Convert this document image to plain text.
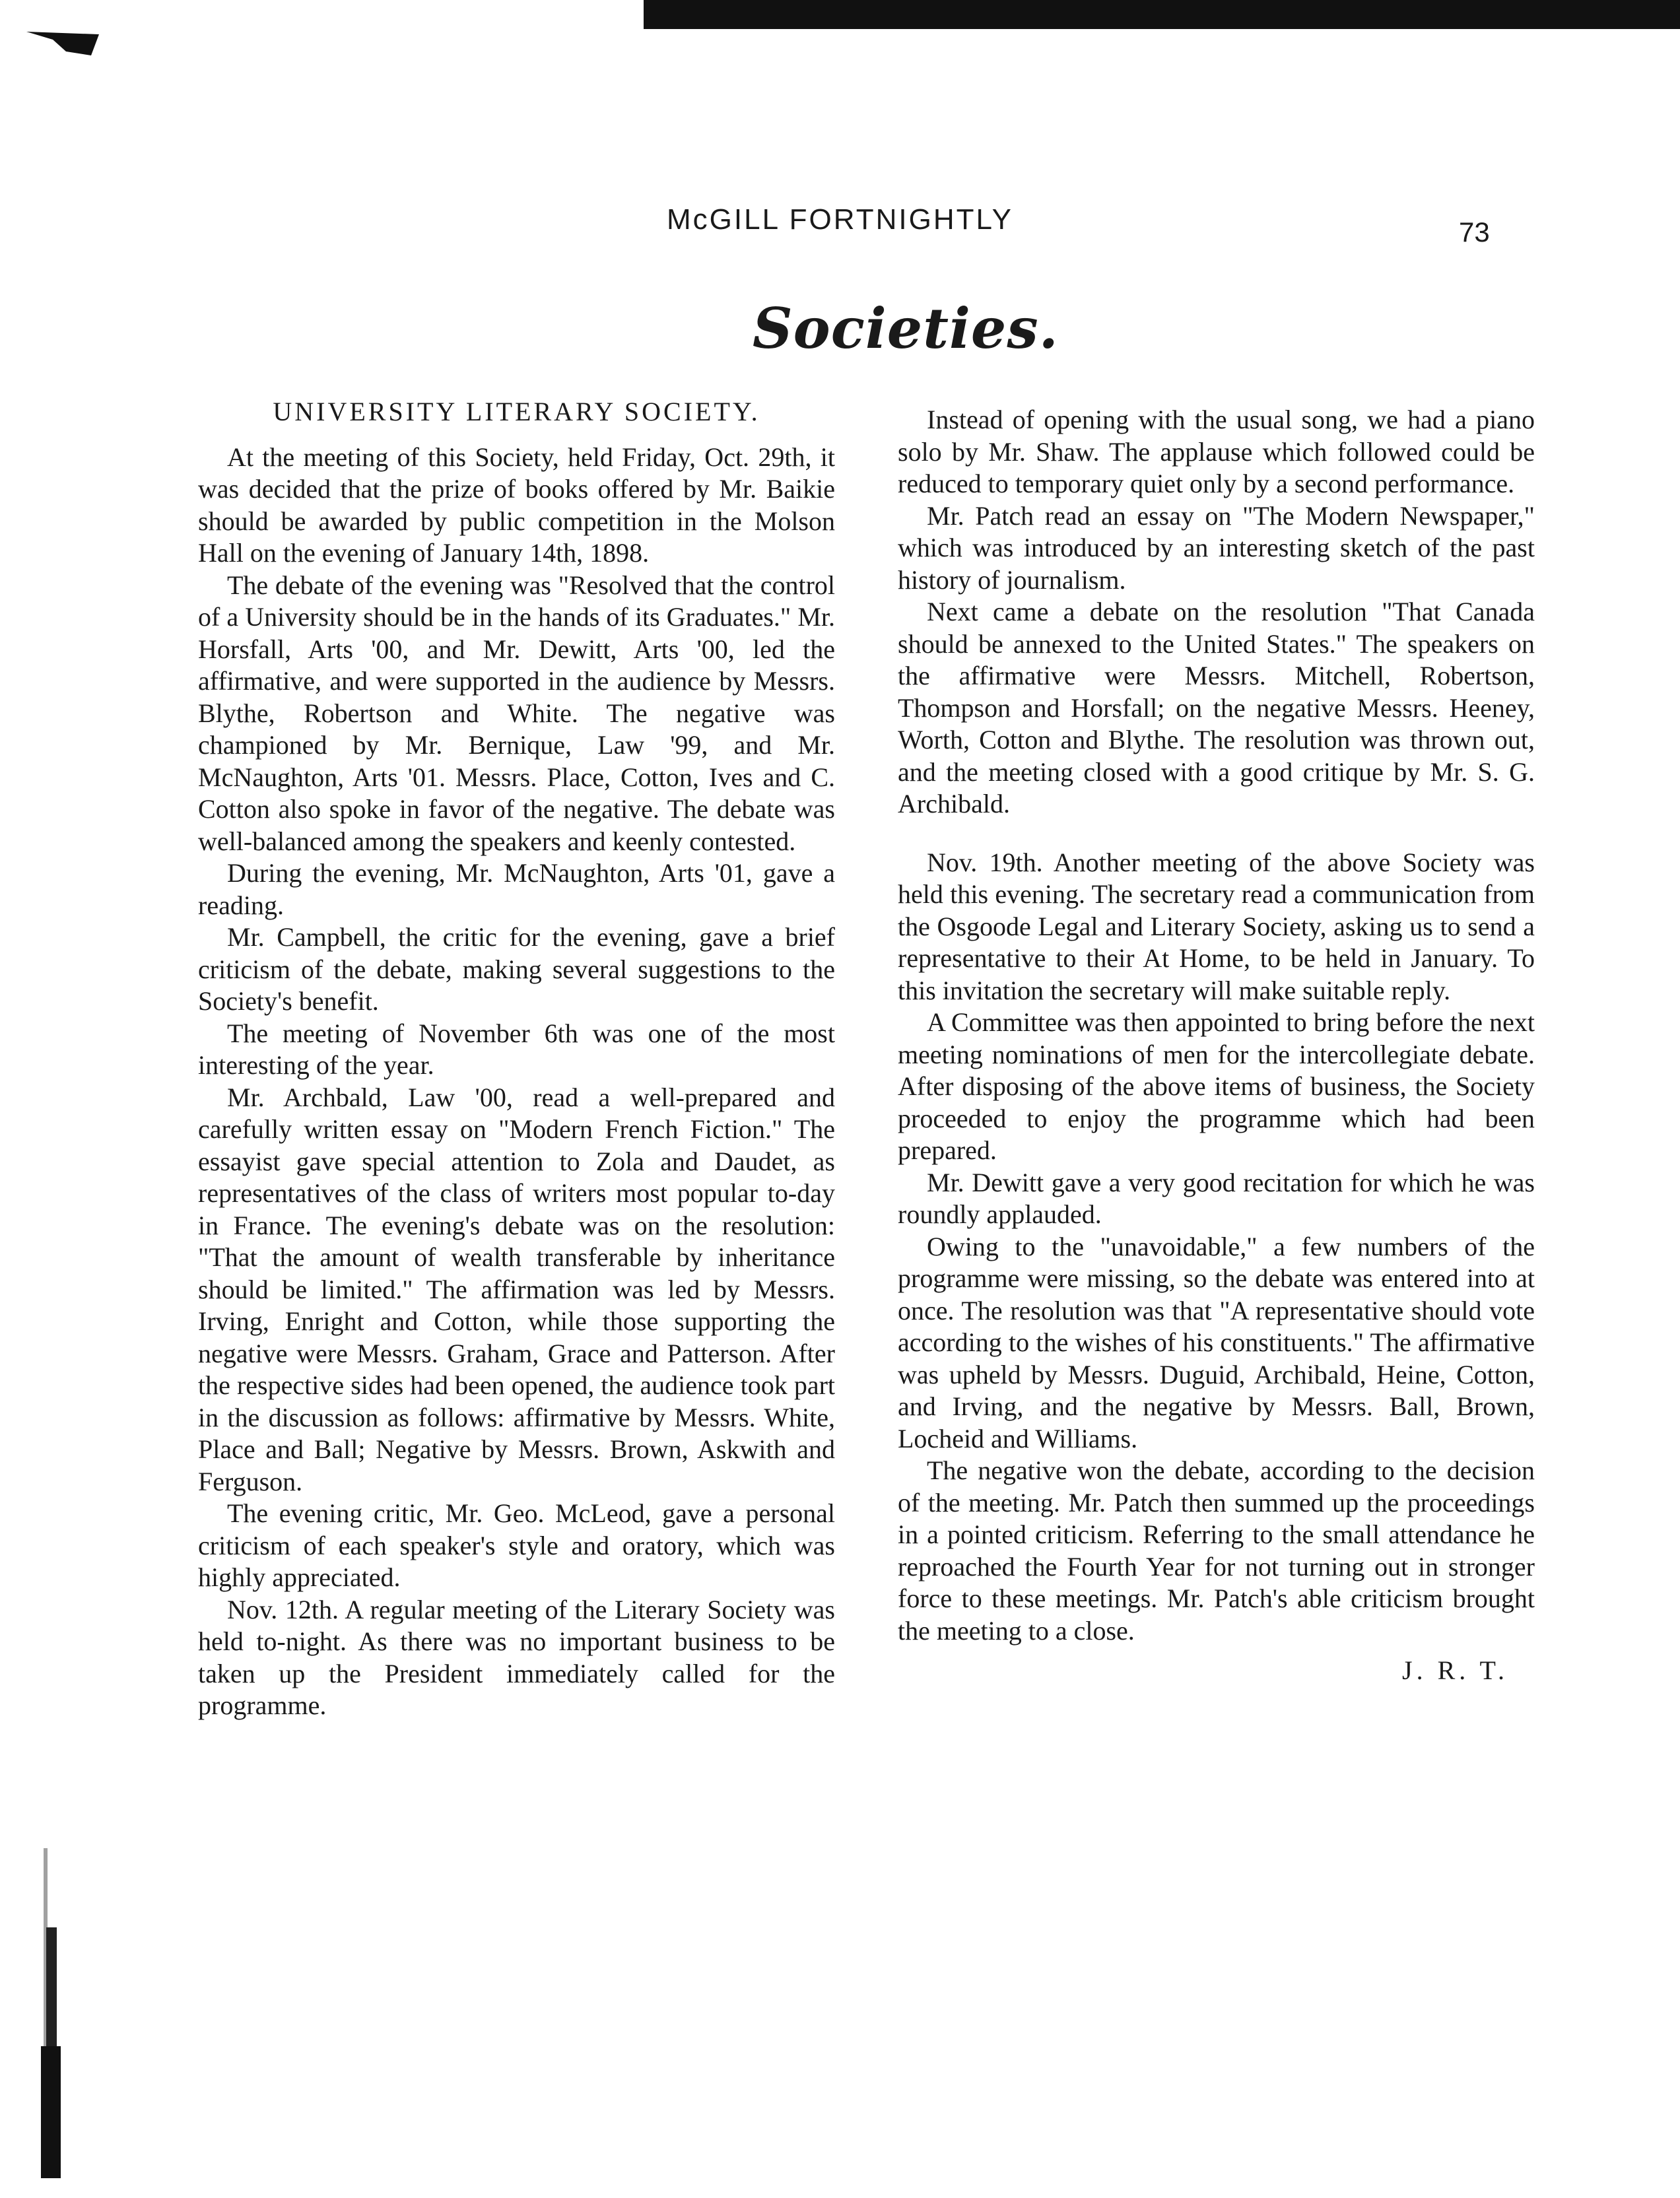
McGILL FORTNIGHTLY	73
Societies.
UNIVERSITY LITERARY SOCIETY.

At the meeting of this Society, held Friday, Oct. 29th, it was decided that the prize of books offered by Mr. Baikie should be awarded by public competition in the Molson Hall on the evening of January 14th, 1898.

The debate of the evening was "Resolved that the control of a University should be in the hands of its Graduates." Mr. Horsfall, Arts '00, and Mr. Dewitt, Arts '00, led the affirmative, and were supported in the audience by Messrs. Blythe, Robertson and White. The negative was championed by Mr. Bernique, Law '99, and Mr. McNaughton, Arts '01. Messrs. Place, Cotton, Ives and C. Cotton also spoke in favor of the negative. The debate was well-balanced among the speakers and keenly contested.

During the evening, Mr. McNaughton, Arts '01, gave a reading.

Mr. Campbell, the critic for the evening, gave a brief criticism of the debate, making several suggestions to the Society's benefit.

The meeting of November 6th was one of the most interesting of the year.

Mr. Archbald, Law '00, read a well-prepared and carefully written essay on "Modern French Fiction." The essayist gave special attention to Zola and Daudet, as representatives of the class of writers most popular to-day in France. The evening's debate was on the resolution: "That the amount of wealth transferable by inheritance should be limited." The affirmation was led by Messrs. Irving, Enright and Cotton, while those supporting the negative were Messrs. Graham, Grace and Patterson. After the respective sides had been opened, the audience took part in the discussion as follows: affirmative by Messrs. White, Place and Ball; Negative by Messrs. Brown, Askwith and Ferguson.

The evening critic, Mr. Geo. McLeod, gave a personal criticism of each speaker's style and oratory, which was highly appreciated.

Nov. 12th. A regular meeting of the Literary Society was held to-night. As there was no important business to be taken up the President immediately called for the programme.

Instead of opening with the usual song, we had a piano solo by Mr. Shaw. The applause which followed could be reduced to temporary quiet only by a second performance.

Mr. Patch read an essay on "The Modern Newspaper," which was introduced by an interesting sketch of the past history of journalism.

Next came a debate on the resolution "That Canada should be annexed to the United States." The speakers on the affirmative were Messrs. Mitchell, Robertson, Thompson and Horsfall; on the negative Messrs. Heeney, Worth, Cotton and Blythe. The resolution was thrown out, and the meeting closed with a good critique by Mr. S. G. Archibald.

Nov. 19th. Another meeting of the above Society was held this evening. The secretary read a communication from the Osgoode Legal and Literary Society, asking us to send a representative to their At Home, to be held in January. To this invitation the secretary will make suitable reply.

A Committee was then appointed to bring before the next meeting nominations of men for the intercollegiate debate. After disposing of the above items of business, the Society proceeded to enjoy the programme which had been prepared.

Mr. Dewitt gave a very good recitation for which he was roundly applauded.

Owing to the "unavoidable," a few numbers of the programme were missing, so the debate was entered into at once. The resolution was that "A representative should vote according to the wishes of his constituents." The affirmative was upheld by Messrs. Duguid, Archibald, Heine, Cotton, and Irving, and the negative by Messrs. Ball, Brown, Locheid and Williams.

The negative won the debate, according to the decision of the meeting. Mr. Patch then summed up the proceedings in a pointed criticism. Referring to the small attendance he reproached the Fourth Year for not turning out in stronger force to these meetings. Mr. Patch's able criticism brought the meeting to a close.

J. R. T.
